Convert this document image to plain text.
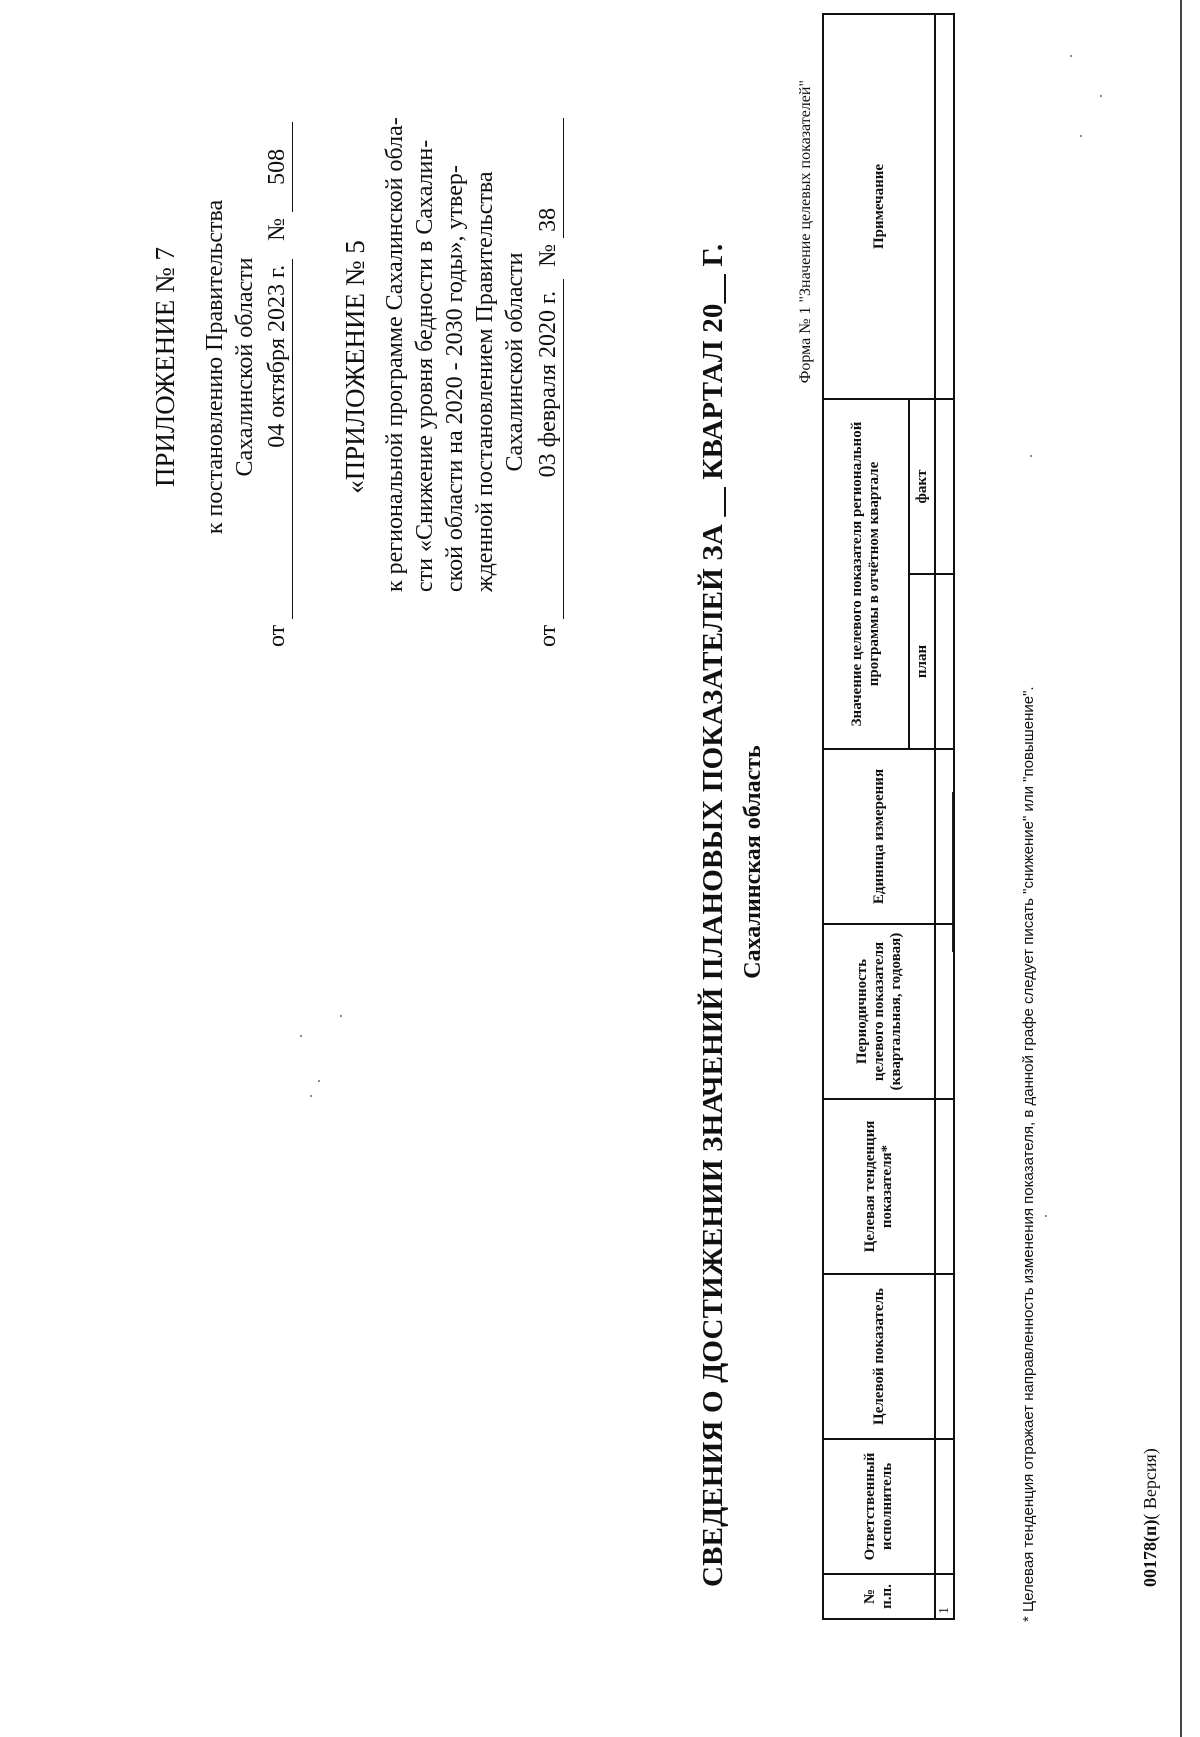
ПРИЛОЖЕНИЕ № 7 к постановлению Правительства Сахалинской области
от 04 октября 2023 г.    № 508
«ПРИЛОЖЕНИЕ № 5 к региональной программе Сахалинской обла- сти «Снижение уровня бедности в Сахалин- ской области на 2020 - 2030 годы», утвер- жденной постановлением Правительства Сахалинской области
от 03 февраля 2020 г.    №  38
СВЕДЕНИЯ О ДОСТИЖЕНИИ ЗНАЧЕНИЙ ПЛАНОВЫХ ПОКАЗАТЕЛЕЙ ЗА __ КВАРТАЛ 20__ Г. Сахалинская область
Форма № 1 "Значение целевых показателей"
№ п.п.	Ответственный исполнитель	Целевой показатель	Целевая тенденция показателя*	Периодичность целевого показателя (квартальная, годовая)	Единица измерения	Значение целевого показателя региональной программы в отчётном квартале		Примечание
						план	факт	
1									* Целевая тенденция отражает направленность изменения показателя, в данной графе следует писать "снижение" или "повышение".	00178(п)( Версия)
